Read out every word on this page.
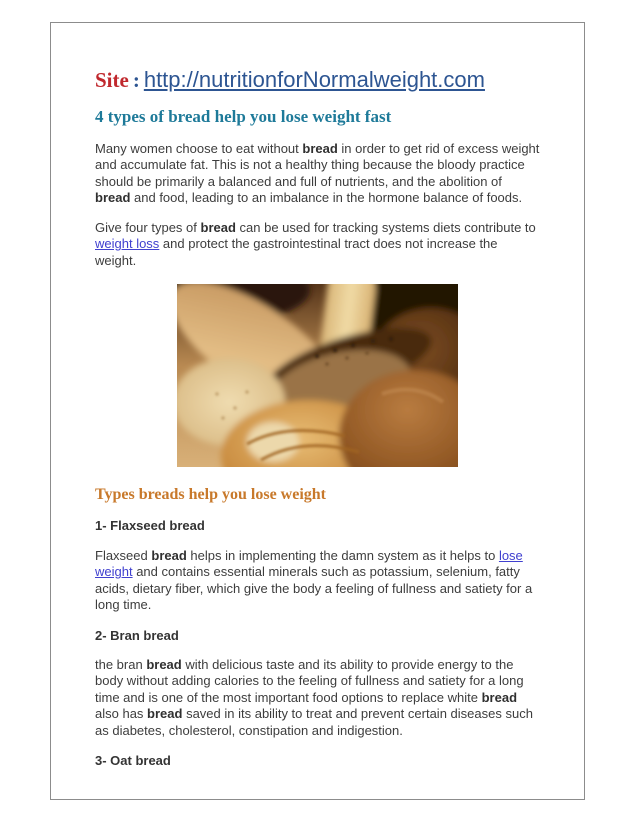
Site : http://nutritionforNormalweight.com
4 types of bread help you lose weight fast

Many women choose to eat without bread in order to get rid of excess weight and accumulate fat. This is not a healthy thing because the bloody practice should be primarily a balanced and full of nutrients, and the abolition of bread and food, leading to an imbalance in the hormone balance of foods.

Give four types of bread can be used for tracking systems diets contribute to weight loss and protect the gastrointestinal tract does not increase the weight.

Types breads help you lose weight
1- Flaxseed bread

Flaxseed bread helps in implementing the damn system as it helps to lose weight and contains essential minerals such as potassium, selenium, fatty acids, dietary fiber, which give the body a feeling of fullness and satiety for a long time.

2- Bran bread

the bran bread with delicious taste and its ability to provide energy to the body without adding calories to the feeling of fullness and satiety for a long time and is one of the most important food options to replace white bread also has bread saved in its ability to treat and prevent certain diseases such as diabetes, cholesterol, constipation and indigestion.

3- Oat bread
